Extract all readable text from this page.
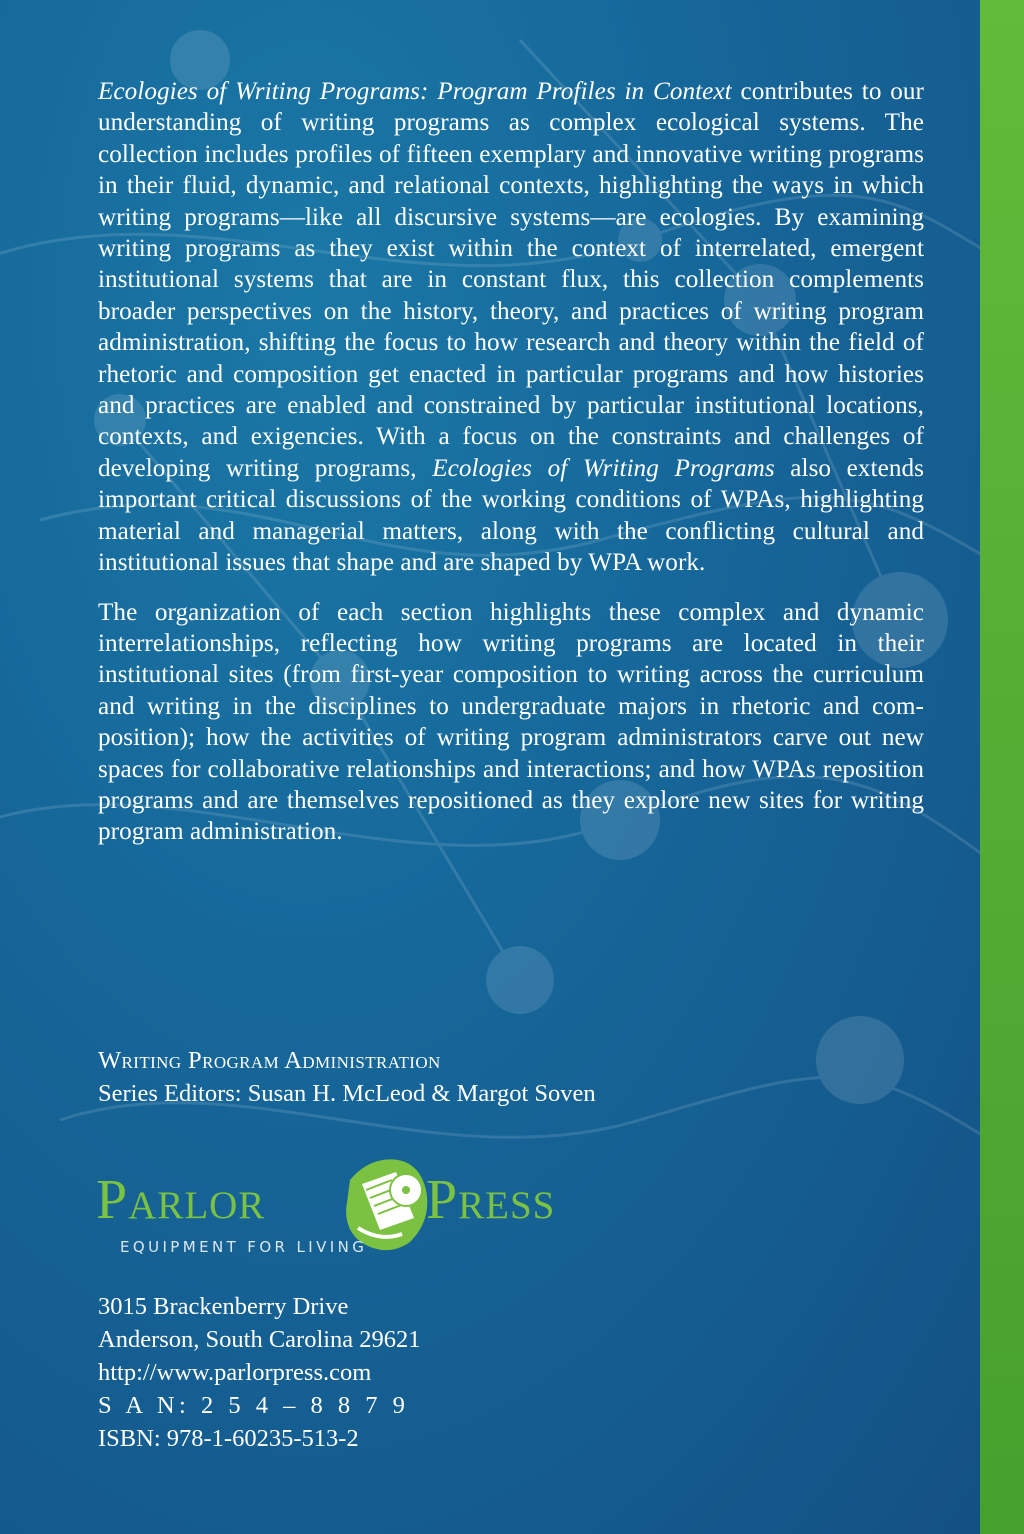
Ecologies of Writing Programs: Program Profiles in Context contributes to our understanding of writing programs as complex ecological systems. The collection includes profiles of fifteen exemplary and innovative writing programs in their fluid, dynamic, and relational contexts, highlighting the ways in which writing programs—like all discursive systems—are ecologies. By examining writing programs as they exist within the context of interrelated, emergent institutional systems that are in constant flux, this collection complements broader perspectives on the history, theory, and practices of writing program administration, shifting the focus to how research and theory within the field of rhetoric and composition get enacted in particular programs and how histories and practices are enabled and constrained by particular institutional locations, contexts, and exigencies. With a focus on the constraints and challenges of developing writing programs, Ecologies of Writing Programs also extends important critical discussions of the working conditions of WPAs, highlighting material and managerial matters, along with the conflicting cultural and institutional issues that shape and are shaped by WPA work.

The organization of each section highlights these complex and dynamic interrelationships, reflecting how writing programs are located in their institutional sites (from first-year composition to writing across the curriculum and writing in the disciplines to undergraduate majors in rhetoric and com-position); how the activities of writing program administrators carve out new spaces for collaborative relationships and interactions; and how WPAs reposition programs and are themselves repositioned as they explore new sites for writing program administration.

Writing Program Administration
Series Editors: Susan H. McLeod & Margot Soven
Parlor	Press
EQUIPMENT FOR LIVING
3015 Brackenberry Drive
Anderson, South Carolina 29621
http://www.parlorpress.com
S A N: 2 5 4 – 8 8 7 9
ISBN: 978-1-60235-513-2
